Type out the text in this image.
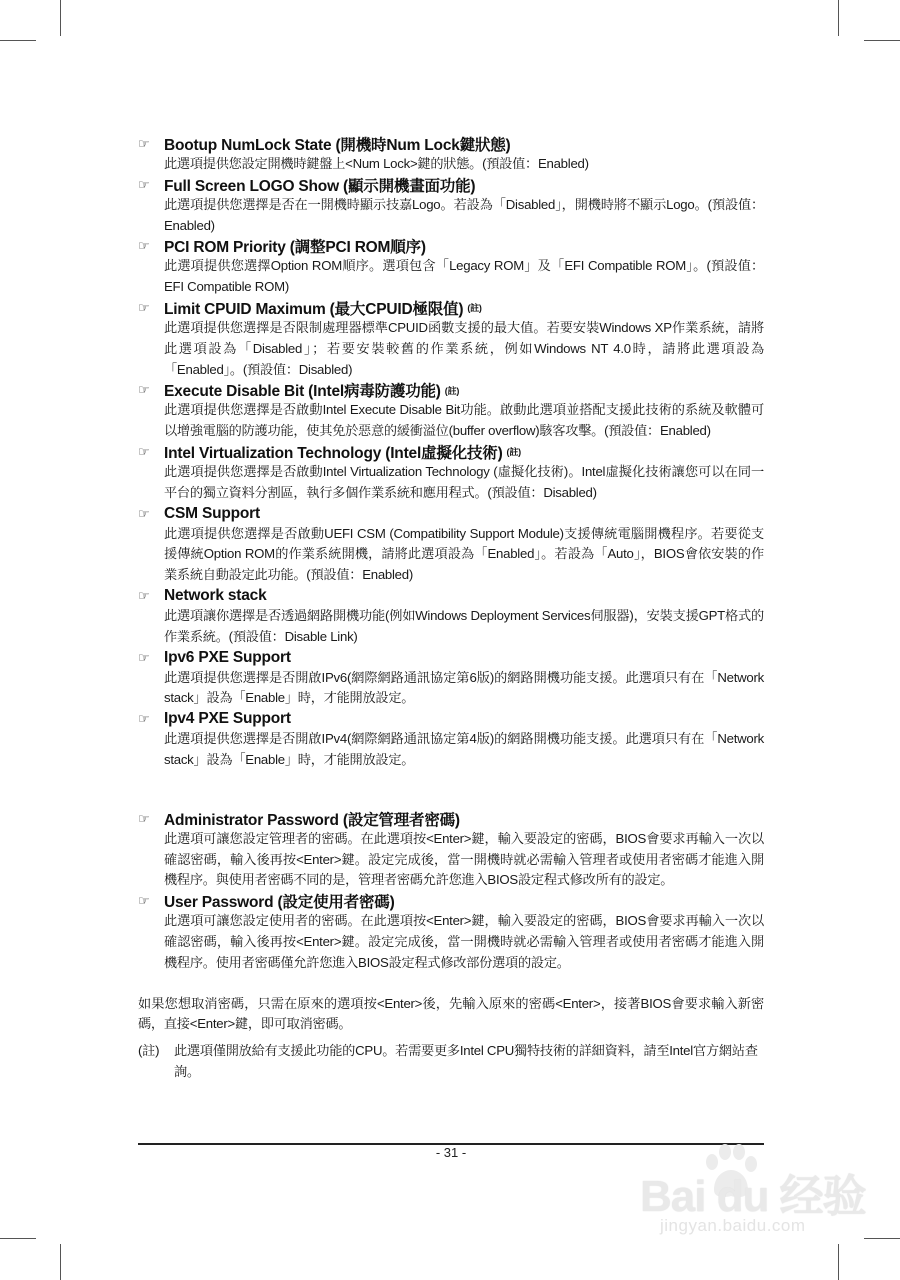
☞ Bootup NumLock State (開機時Num Lock鍵狀態)

此選項提供您設定開機時鍵盤上<Num Lock>鍵的狀態。(預設值：Enabled)

☞ Full Screen LOGO Show (顯示開機畫面功能)

此選項提供您選擇是否在一開機時顯示技嘉Logo。若設為「Disabled」，開機時將不顯示Logo。(預設值：Enabled)

☞ PCI ROM Priority (調整PCI ROM順序)

此選項提供您選擇Option ROM順序。選項包含「Legacy ROM」及「EFI Compatible ROM」。(預設值：EFI Compatible ROM)

☞ Limit CPUID Maximum (最大CPUID極限值) (註)

此選項提供您選擇是否限制處理器標準CPUID函數支援的最大值。若要安裝Windows XP作業系統，請將此選項設為「Disabled」；若要安裝較舊的作業系統，例如Windows NT 4.0時，請將此選項設為「Enabled」。(預設值：Disabled)

☞ Execute Disable Bit (Intel病毒防護功能) (註)

此選項提供您選擇是否啟動Intel Execute Disable Bit功能。啟動此選項並搭配支援此技術的系統及軟體可以增強電腦的防護功能，使其免於惡意的緩衝溢位(buffer overflow)駭客攻擊。(預設值：Enabled)

☞ Intel Virtualization Technology (Intel虛擬化技術) (註)

此選項提供您選擇是否啟動Intel Virtualization Technology (虛擬化技術)。Intel虛擬化技術讓您可以在同一平台的獨立資料分割區，執行多個作業系統和應用程式。(預設值：Disabled)

☞ CSM Support

此選項提供您選擇是否啟動UEFI CSM (Compatibility Support Module)支援傳統電腦開機程序。若要從支援傳統Option ROM的作業系統開機，請將此選項設為「Enabled」。若設為「Auto」，BIOS會依安裝的作業系統自動設定此功能。(預設值：Enabled)

☞ Network stack

此選項讓你選擇是否透過網路開機功能(例如Windows Deployment Services伺服器)，安裝支援GPT格式的作業系統。(預設值：Disable Link)

☞ Ipv6 PXE Support

此選項提供您選擇是否開啟IPv6(網際網路通訊協定第6版)的網路開機功能支援。此選項只有在「Network stack」設為「Enable」時，才能開放設定。

☞ Ipv4 PXE Support

此選項提供您選擇是否開啟IPv4(網際網路通訊協定第4版)的網路開機功能支援。此選項只有在「Network stack」設為「Enable」時，才能開放設定。

☞ Administrator Password (設定管理者密碼)

此選項可讓您設定管理者的密碼。在此選項按<Enter>鍵，輸入要設定的密碼，BIOS會要求再輸入一次以確認密碼，輸入後再按<Enter>鍵。設定完成後，當一開機時就必需輸入管理者或使用者密碼才能進入開機程序。與使用者密碼不同的是，管理者密碼允許您進入BIOS設定程式修改所有的設定。

☞ User Password (設定使用者密碼)

此選項可讓您設定使用者的密碼。在此選項按<Enter>鍵，輸入要設定的密碼，BIOS會要求再輸入一次以確認密碼，輸入後再按<Enter>鍵。設定完成後，當一開機時就必需輸入管理者或使用者密碼才能進入開機程序。使用者密碼僅允許您進入BIOS設定程式修改部份選項的設定。

如果您想取消密碼，只需在原來的選項按<Enter>後，先輸入原來的密碼<Enter>，接著BIOS會要求輸入新密碼，直接<Enter>鍵，即可取消密碼。

(註)	此選項僅開放給有支援此功能的CPU。若需要更多Intel CPU獨特技術的詳細資料，請至Intel官方網站查詢。
- 31 -
Bai du 经验
jingyan.baidu.com
